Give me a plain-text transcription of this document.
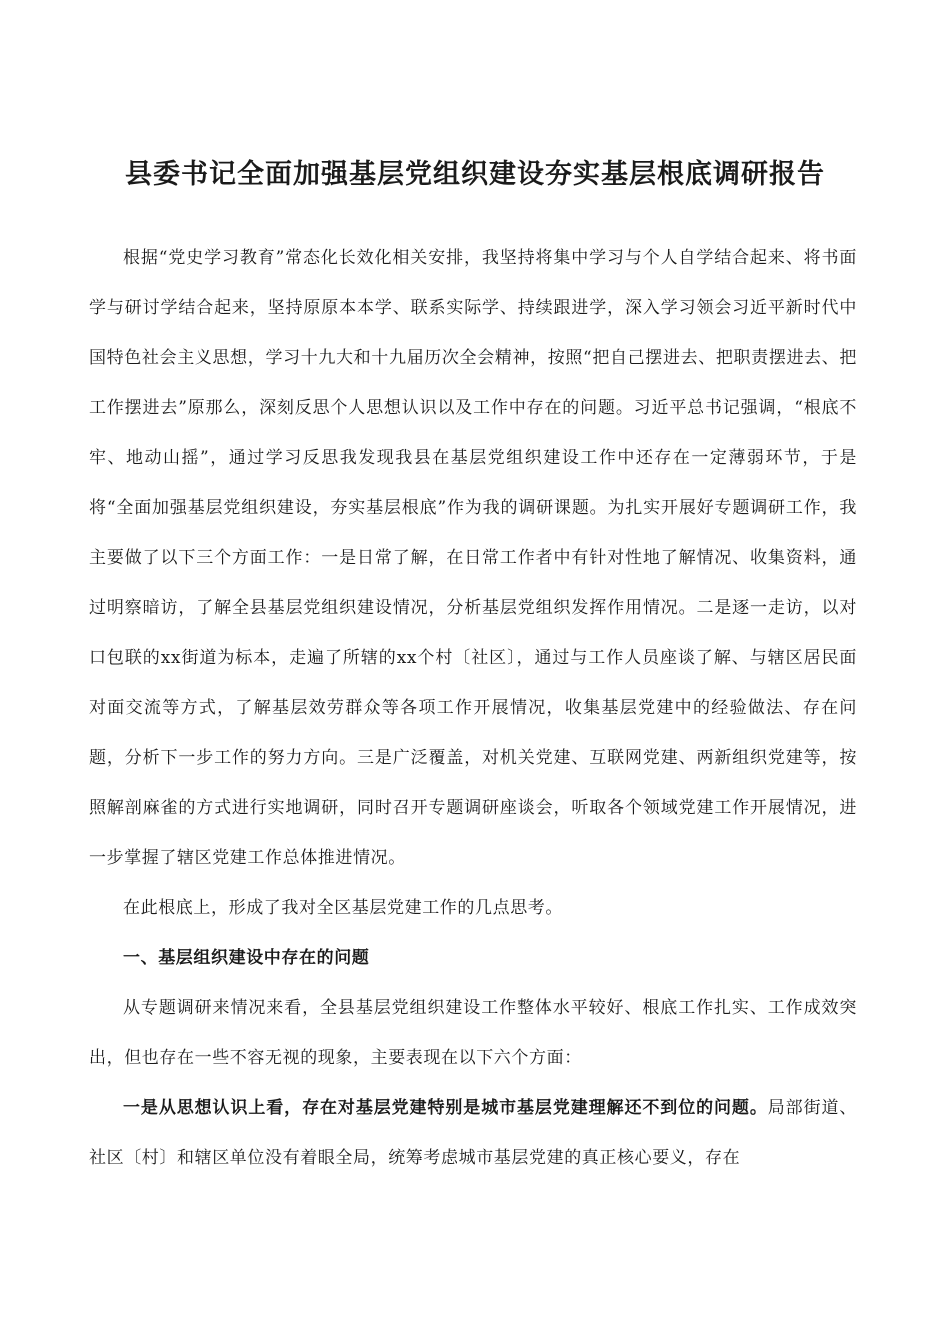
县委书记全面加强基层党组织建设夯实基层根底调研报告

根据“党史学习教育”常态化长效化相关安排，我坚持将集中学习与个人自学结合起来、将书面学与研讨学结合起来，坚持原原本本学、联系实际学、持续跟进学，深入学习领会习近平新时代中国特色社会主义思想，学习十九大和十九届历次全会精神，按照“把自己摆进去、把职责摆进去、把工作摆进去”原那么，深刻反思个人思想认识以及工作中存在的问题。习近平总书记强调，“根底不牢、地动山摇”，通过学习反思我发现我县在基层党组织建设工作中还存在一定薄弱环节，于是将“全面加强基层党组织建设，夯实基层根底”作为我的调研课题。为扎实开展好专题调研工作，我主要做了以下三个方面工作：一是日常了解，在日常工作者中有针对性地了解情况、收集资料，通过明察暗访，了解全县基层党组织建设情况，分析基层党组织发挥作用情况。二是逐一走访，以对口包联的xx街道为标本，走遍了所辖的xx个村〔社区〕，通过与工作人员座谈了解、与辖区居民面对面交流等方式，了解基层效劳群众等各项工作开展情况，收集基层党建中的经验做法、存在问题，分析下一步工作的努力方向。三是广泛覆盖，对机关党建、互联网党建、两新组织党建等，按照解剖麻雀的方式进行实地调研，同时召开专题调研座谈会，听取各个领域党建工作开展情况，进一步掌握了辖区党建工作总体推进情况。

在此根底上，形成了我对全区基层党建工作的几点思考。

一、基层组织建设中存在的问题

从专题调研来情况来看，全县基层党组织建设工作整体水平较好、根底工作扎实、工作成效突出，但也存在一些不容无视的现象，主要表现在以下六个方面：

一是从思想认识上看，存在对基层党建特别是城市基层党建理解还不到位的问题。局部街道、社区〔村〕和辖区单位没有着眼全局，统筹考虑城市基层党建的真正核心要义，存在
